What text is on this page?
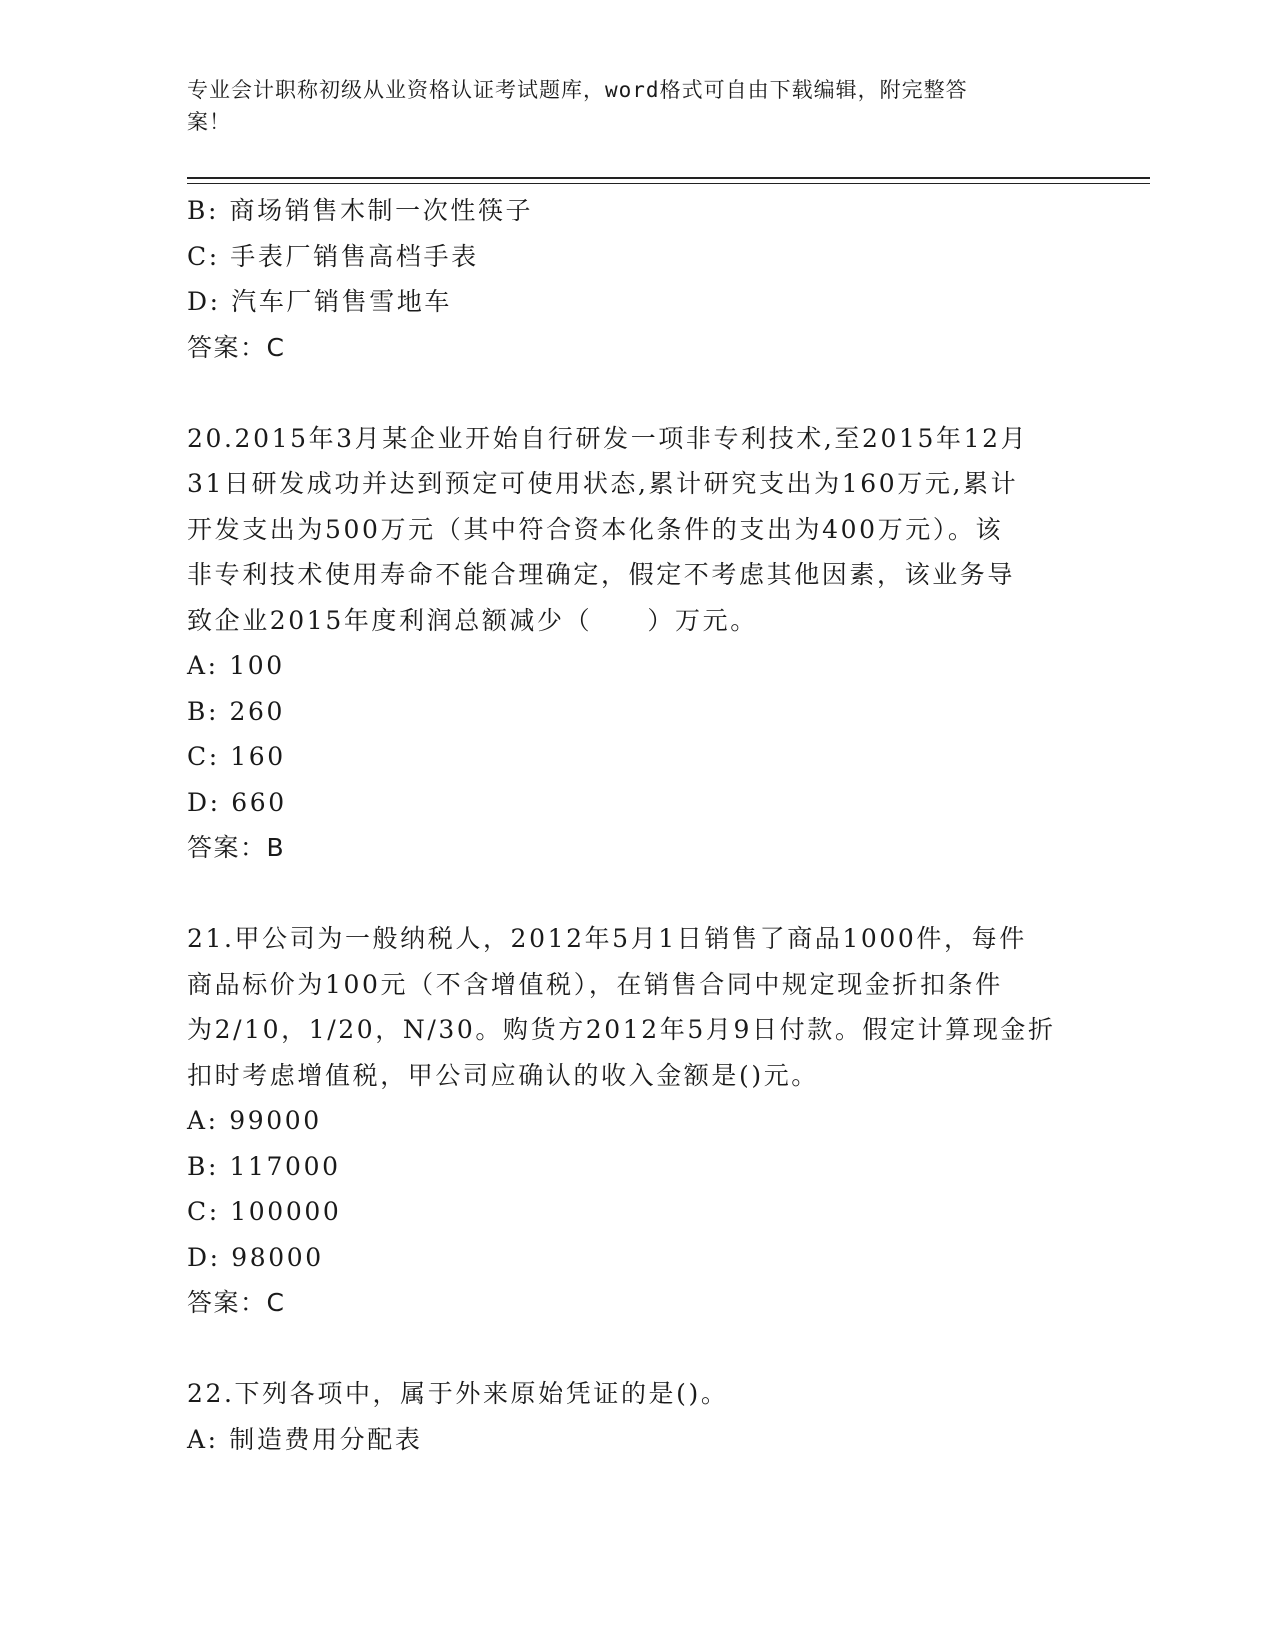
专业会计职称初级从业资格认证考试题库，word格式可自由下载编辑，附完整答
案！
B: 商场销售木制一次性筷子
C: 手表厂销售高档手表
D: 汽车厂销售雪地车
答案：C
20.2015年3月某企业开始自行研发一项非专利技术,至2015年12月
31日研发成功并达到预定可使用状态,累计研究支出为160万元,累计
开发支出为500万元（其中符合资本化条件的支出为400万元）。该
非专利技术使用寿命不能合理确定，假定不考虑其他因素，该业务导
致企业2015年度利润总额减少（　　）万元。
A: 100
B: 260
C: 160
D: 660
答案：B
21.甲公司为一般纳税人，2012年5月1日销售了商品1000件，每件
商品标价为100元（不含增值税），在销售合同中规定现金折扣条件
为2/10，1/20，N/30。购货方2012年5月9日付款。假定计算现金折
扣时考虑增值税，甲公司应确认的收入金额是()元。
A: 99000
B: 117000
C: 100000
D: 98000
答案：C
22.下列各项中，属于外来原始凭证的是()。
A: 制造费用分配表
